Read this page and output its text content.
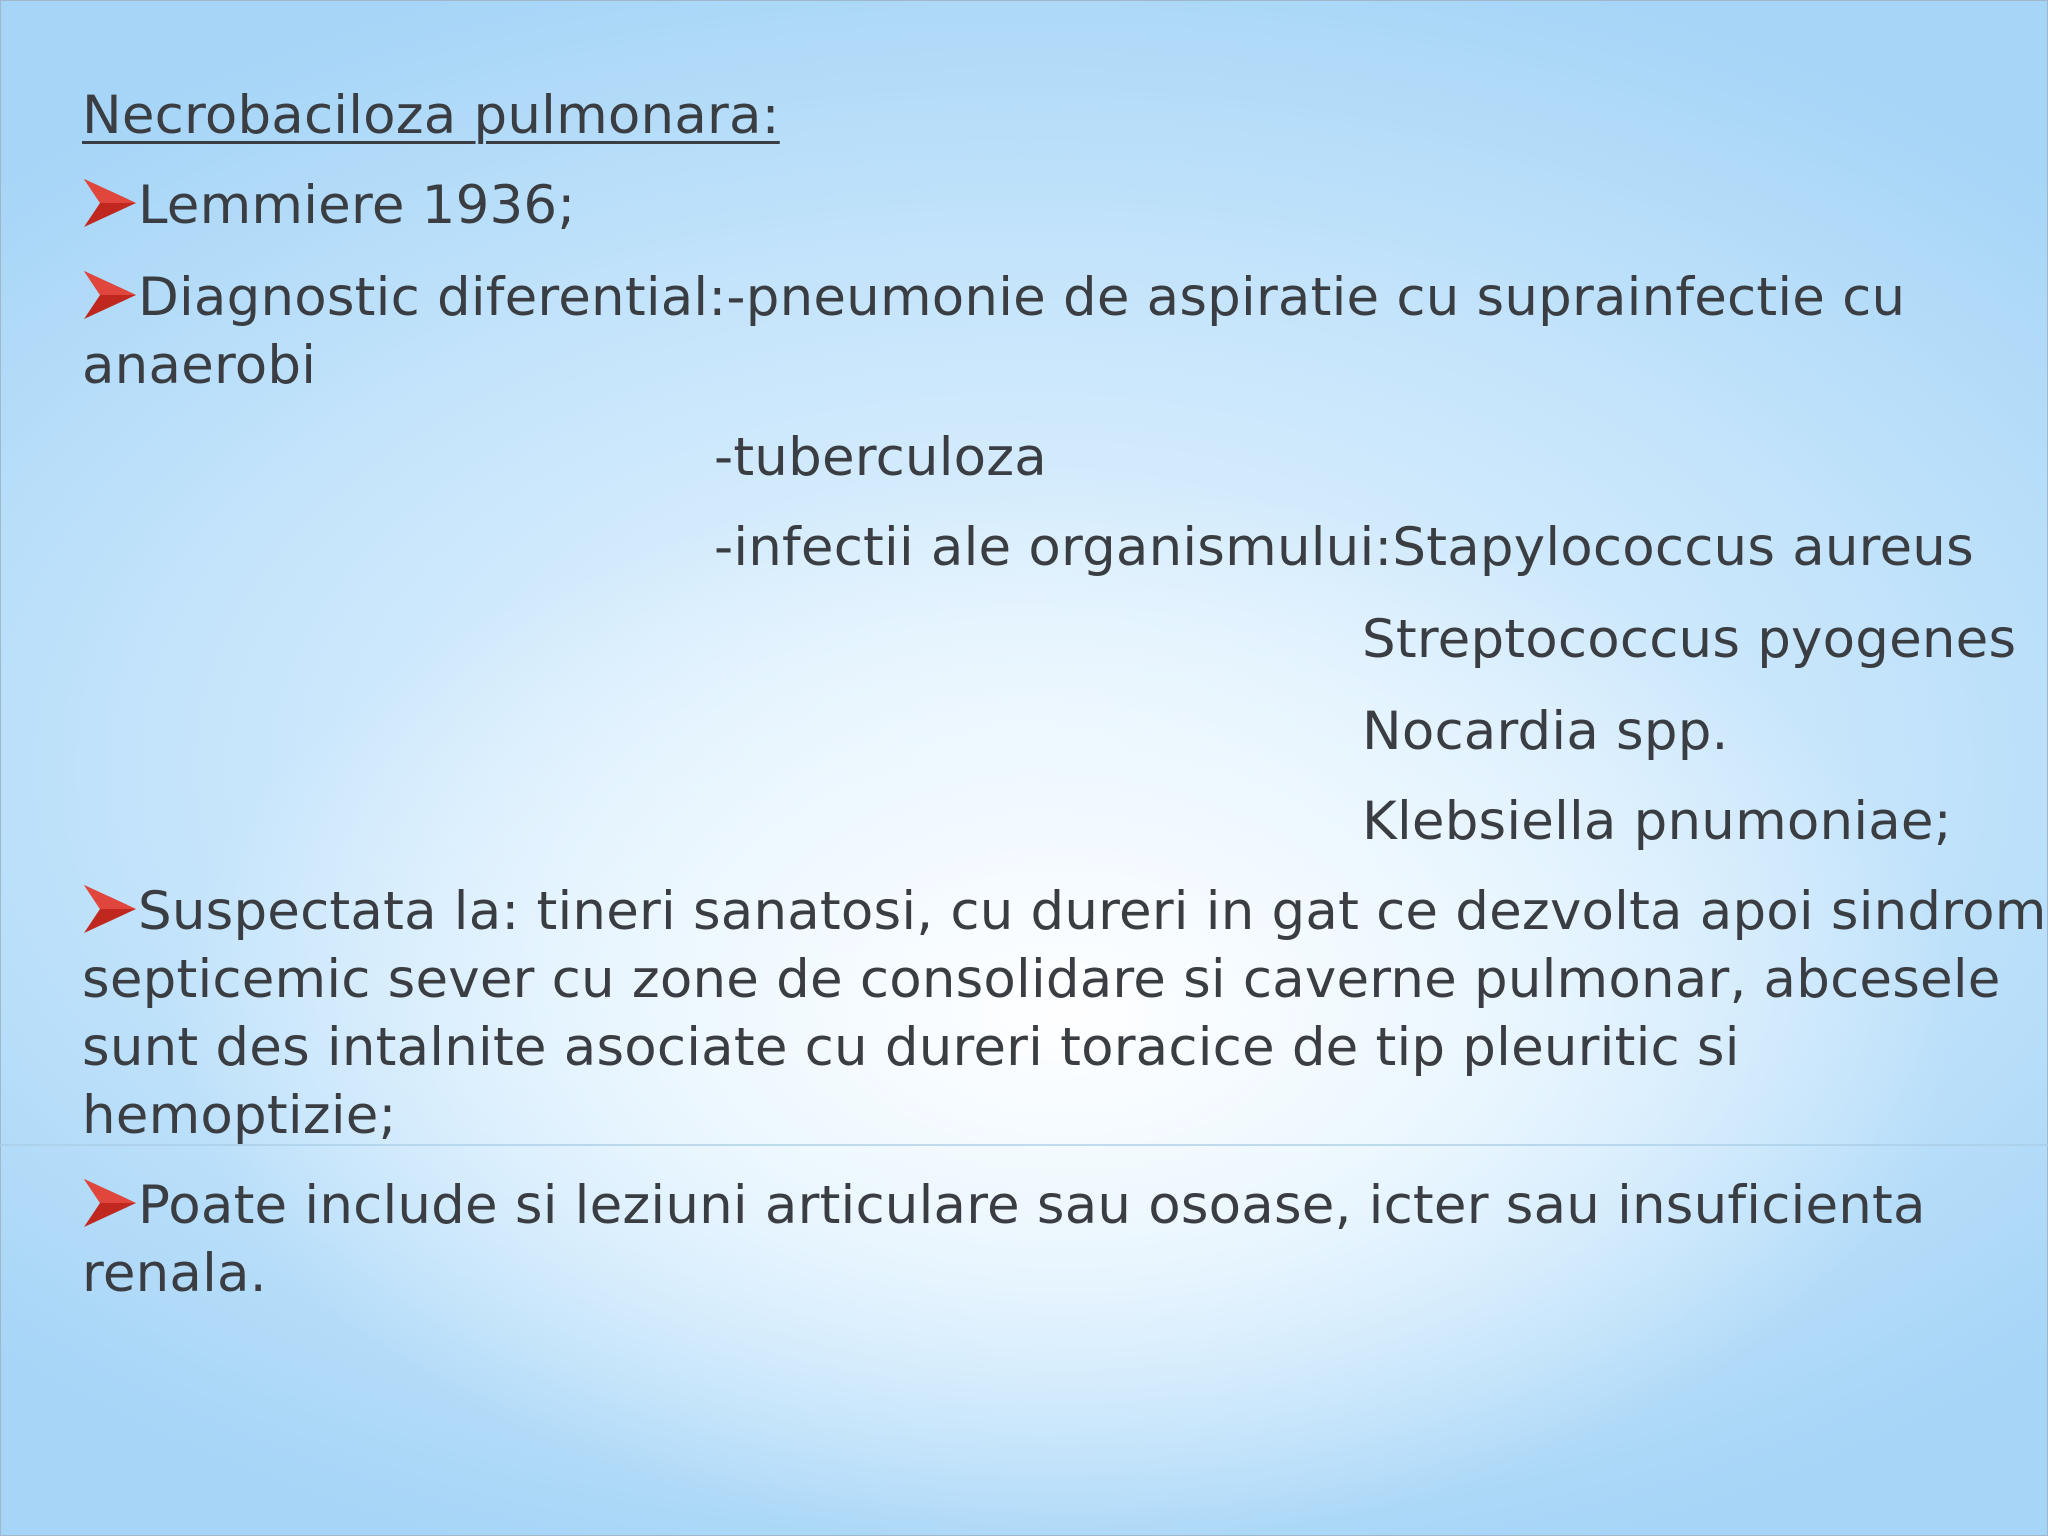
Necrobaciloza pulmonara:
Lemmiere 1936;
Diagnostic diferential:-pneumonie de aspiratie cu suprainfectie cu
anaerobi
-tuberculoza
-infectii ale organismului:Stapylococcus aureus
Streptococcus pyogenes
Nocardia spp.
Klebsiella pnumoniae;
Suspectata la: tineri sanatosi, cu dureri in gat ce dezvolta apoi sindrom
septicemic sever cu zone de consolidare si caverne pulmonar, abcesele
sunt des intalnite asociate cu dureri toracice de tip pleuritic si
hemoptizie;
Poate include si leziuni articulare sau osoase, icter sau insuficienta
renala.
